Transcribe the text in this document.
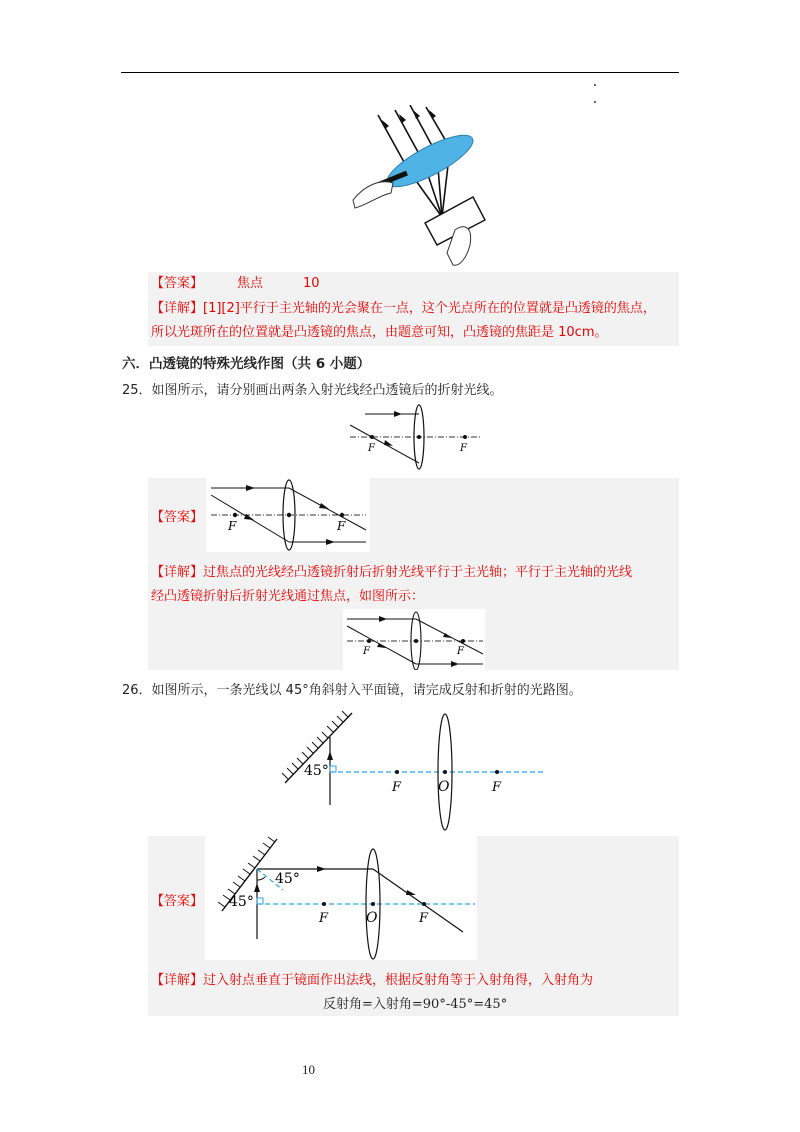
【答案】	焦点	10
【详解】[1][2]平行于主光轴的光会聚在一点，这个光点所在的位置就是凸透镜的焦点，
所以光斑所在的位置就是凸透镜的焦点，由题意可知，凸透镜的焦距是 10cm。
六．凸透镜的特殊光线作图（共 6 小题）
25．如图所示，请分别画出两条入射光线经凸透镜后的折射光线。
F	F
【答案】
F	F
【详解】过焦点的光线经凸透镜折射后折射光线平行于主光轴；平行于主光轴的光线
经凸透镜折射后折射光线通过焦点，如图所示：
F	F
26．如图所示，一条光线以 45°角斜射入平面镜，请完成反射和折射的光路图。
45°
F	O	F
【答案】
45°
45°
F	O	F
【详解】过入射点垂直于镜面作出法线，根据反射角等于入射角得，入射角为
反射角=入射角=90°-45°=45°
10
